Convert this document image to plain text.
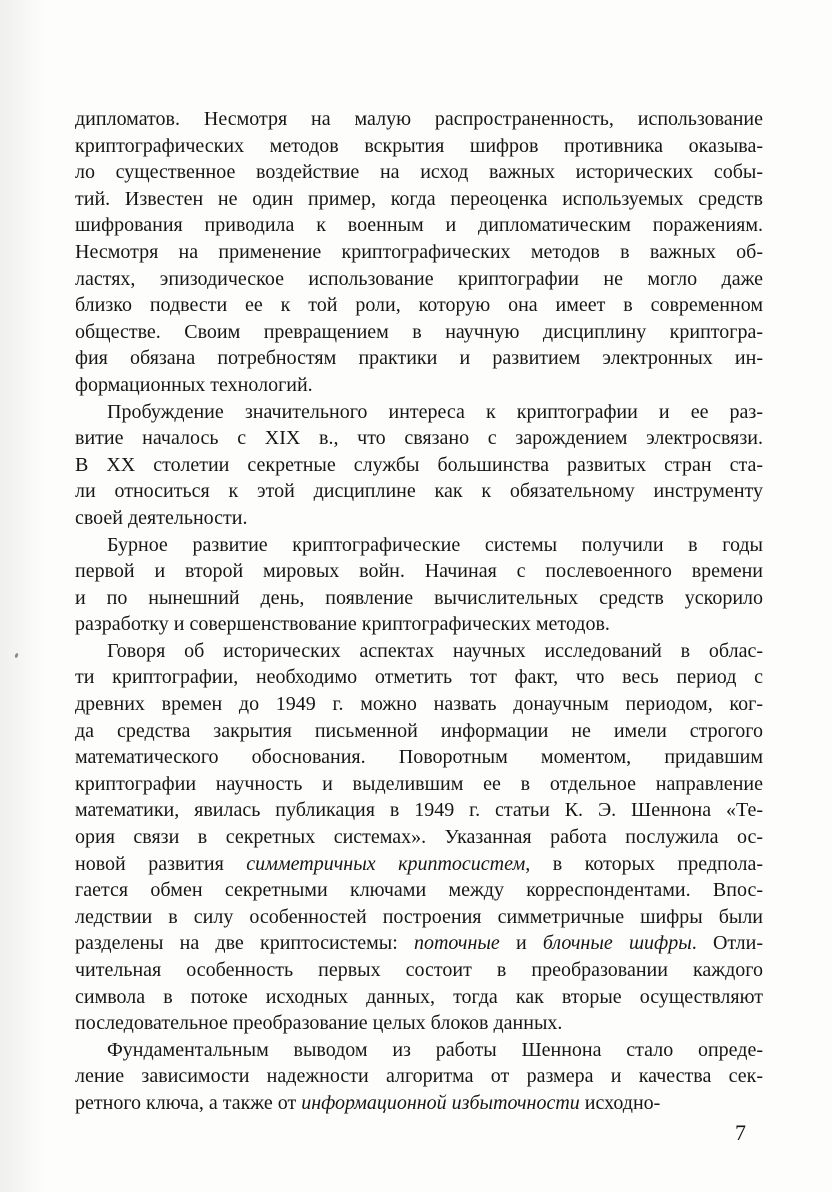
дипломатов. Несмотря на малую распространенность, использование
криптографических методов вскрытия шифров противника оказыва-
ло существенное воздействие на исход важных исторических собы-
тий. Известен не один пример, когда переоценка используемых средств
шифрования приводила к военным и дипломатическим поражениям.
Несмотря на применение криптографических методов в важных об-
ластях, эпизодическое использование криптографии не могло даже
близко подвести ее к той роли, которую она имеет в современном
обществе. Своим превращением в научную дисциплину криптогра-
фия обязана потребностям практики и развитием электронных ин-
формационных технологий.
Пробуждение значительного интереса к криптографии и ее раз-
витие началось с XIX в., что связано с зарождением электросвязи.
В XX столетии секретные службы большинства развитых стран ста-
ли относиться к этой дисциплине как к обязательному инструменту
своей деятельности.
Бурное развитие криптографические системы получили в годы
первой и второй мировых войн. Начиная с послевоенного времени
и по нынешний день, появление вычислительных средств ускорило
разработку и совершенствование криптографических методов.
Говоря об исторических аспектах научных исследований в облас-
ти криптографии, необходимо отметить тот факт, что весь период с
древних времен до 1949 г. можно назвать донаучным периодом, ког-
да средства закрытия письменной информации не имели строгого
математического обоснования. Поворотным моментом, придавшим
криптографии научность и выделившим ее в отдельное направление
математики, явилась публикация в 1949 г. статьи К. Э. Шеннона «Те-
ория связи в секретных системах». Указанная работа послужила ос-
новой развития симметричных криптосистем, в которых предпола-
гается обмен секретными ключами между корреспондентами. Впос-
ледствии в силу особенностей построения симметричные шифры были
разделены на две криптосистемы: поточные и блочные шифры. Отли-
чительная особенность первых состоит в преобразовании каждого
символа в потоке исходных данных, тогда как вторые осуществляют
последовательное преобразование целых блоков данных.
Фундаментальным выводом из работы Шеннона стало опреде-
ление зависимости надежности алгоритма от размера и качества сек-
ретного ключа, а также от информационной избыточности исходно-
7
